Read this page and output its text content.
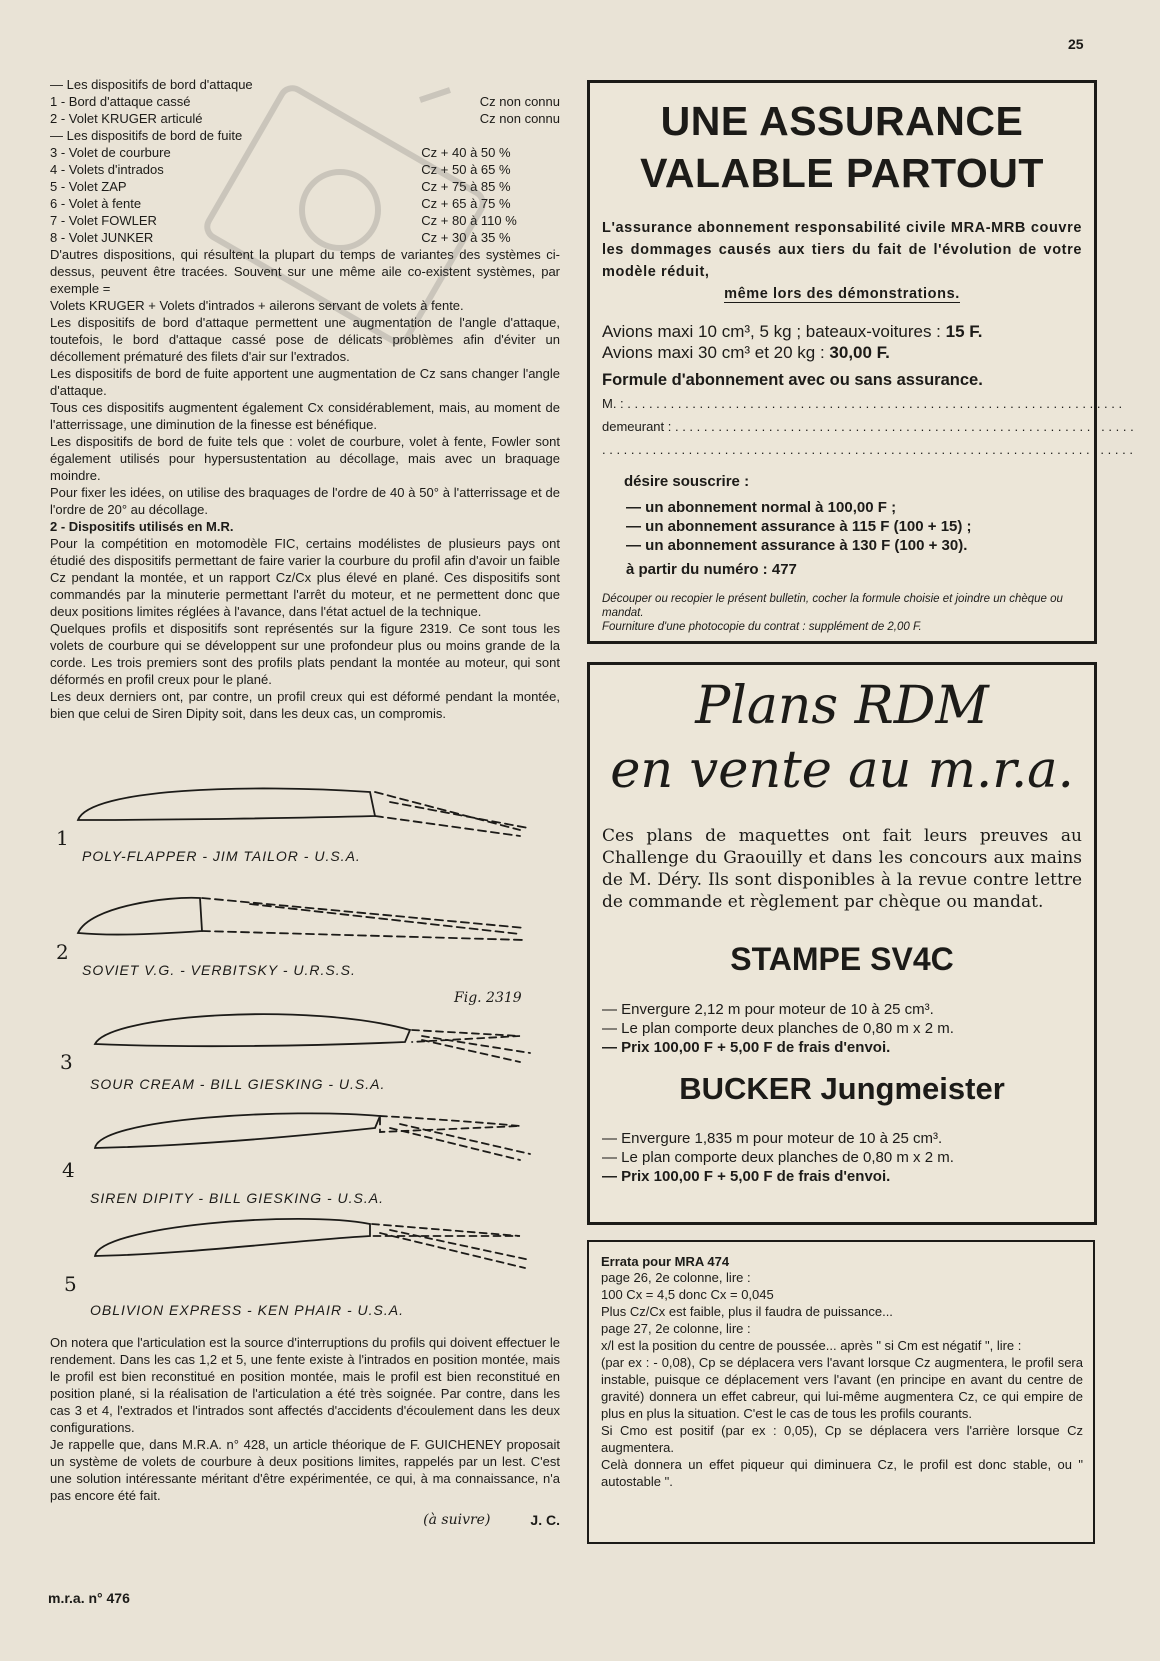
25

— Les dispositifs de bord d'attaque

1 - Bord d'attaque cassé	Cz non connu
2 - Volet KRUGER articulé	Cz non connu

— Les dispositifs de bord de fuite

3 - Volet de courbure	Cz + 40 à 50 %
4 - Volets d'intrados	Cz + 50 à 65 %
5 - Volet ZAP	Cz + 75 à 85 %
6 - Volet à fente	Cz + 65 à 75 %
7 - Volet FOWLER	Cz + 80 à 110 %
8 - Volet JUNKER	Cz + 30 à 35 %

D'autres dispositions, qui résultent la plupart du temps de variantes des systèmes ci-dessus, peuvent être tracées. Souvent sur une même aile co-existent systèmes, par exemple =

Volets KRUGER + Volets d'intrados + ailerons servant de volets à fente.

Les dispositifs de bord d'attaque permettent une augmentation de l'angle d'attaque, toutefois, le bord d'attaque cassé pose de délicats problèmes afin d'éviter un décollement prématuré des filets d'air sur l'extrados.

Les dispositifs de bord de fuite apportent une augmentation de Cz sans changer l'angle d'attaque.

Tous ces dispositifs augmentent également Cx considérablement, mais, au moment de l'atterrissage, une diminution de la finesse est bénéfique.

Les dispositifs de bord de fuite tels que : volet de courbure, volet à fente, Fowler sont également utilisés pour hypersustentation au décollage, mais avec un braquage moindre.

Pour fixer les idées, on utilise des braquages de l'ordre de 40 à 50° à l'atterrissage et de l'ordre de 20° au décollage.

2 - Dispositifs utilisés en M.R.

Pour la compétition en motomodèle FIC, certains modélistes de plusieurs pays ont étudié des dispositifs permettant de faire varier la courbure du profil afin d'avoir un faible Cz pendant la montée, et un rapport Cz/Cx plus élevé en plané. Ces dispositifs sont commandés par la minuterie permettant l'arrêt du moteur, et ne permettent donc que deux positions limites réglées à l'avance, dans l'état actuel de la technique.

Quelques profils et dispositifs sont représentés sur la figure 2319. Ce sont tous les volets de courbure qui se développent sur une profondeur plus ou moins grande de la corde. Les trois premiers sont des profils plats pendant la montée au moteur, qui sont déformés en profil creux pour le plané.

Les deux derniers ont, par contre, un profil creux qui est déformé pendant la montée, bien que celui de Siren Dipity soit, dans les deux cas, un compromis.

1
POLY-FLAPPER - JIM TAILOR - U.S.A.
2
SOVIET V.G. - VERBITSKY - U.R.S.S.
Fig. 2319
3
SOUR CREAM - BILL GIESKING - U.S.A.
4
SIREN DIPITY - BILL GIESKING - U.S.A.
5
OBLIVION EXPRESS - KEN PHAIR - U.S.A.

On notera que l'articulation est la source d'interruptions du profils qui doivent effectuer le rendement. Dans les cas 1,2 et 5, une fente existe à l'intrados en position montée, mais le profil est bien reconstitué en position montée, mais le profil est bien reconstitué en position plané, si la réalisation de l'articulation a été très soignée. Par contre, dans les cas 3 et 4, l'extrados et l'intrados sont affectés d'accidents d'écoulement dans les deux configurations.

Je rappelle que, dans M.R.A. n° 428, un article théorique de F. GUICHENEY proposait un système de volets de courbure à deux positions limites, rappelés par un lest. C'est une solution intéressante méritant d'être expérimentée, ce qui, à ma connaissance, n'a pas encore été fait.

(à suivre)	J. C.
UNE ASSURANCE
VALABLE PARTOUT
L'assurance abonnement responsabilité civile MRA-MRB couvre les dommages causés aux tiers du fait de l'évolution de votre modèle réduit,
même lors des démonstrations.
Avions maxi 10 cm³, 5 kg ; bateaux-voitures : 15 F.
Avions maxi 30 cm³ et 20 kg : 30,00 F.
Formule d'abonnement avec ou sans assurance.
M. : . . . . . . . . . . . . . . . . . . . . . . . . . . . . . . . . . . . . . . . . . . . . . . . . . . . . . . . . . . . . . . . . . . . . .
demeurant : . . . . . . . . . . . . . . . . . . . . . . . . . . . . . . . . . . . . . . . . . . . . . . . . . . . . . . . . . . . . . . . .
. . . . . . . . . . . . . . . . . . . . . . . . . . . . . . . . . . . . . . . . . . . . . . . . . . . . . . . . . . . . . . . . . . . . . . . . . .
désire souscrire :
— un abonnement normal à 100,00 F ;
— un abonnement assurance à 115 F (100 + 15) ;
— un abonnement assurance à 130 F (100 + 30).
à partir du numéro : 477
Découper ou recopier le présent bulletin, cocher la formule choisie et joindre un chèque ou mandat.
Fourniture d'une photocopie du contrat : supplément de 2,00 F.
Plans RDM
en vente au m.r.a.
Ces plans de maquettes ont fait leurs preuves au Challenge du Graouilly et dans les concours aux mains de M. Déry. Ils sont disponibles à la revue contre lettre de commande et règlement par chèque ou mandat.
STAMPE SV4C
— Envergure 2,12 m pour moteur de 10 à 25 cm³.
— Le plan comporte deux planches de 0,80 m x 2 m.
— Prix 100,00 F + 5,00 F de frais d'envoi.
BUCKER Jungmeister
— Envergure 1,835 m pour moteur de 10 à 25 cm³.
— Le plan comporte deux planches de 0,80 m x 2 m.
— Prix 100,00 F + 5,00 F de frais d'envoi.
Errata pour MRA 474
page 26, 2e colonne, lire :
100 Cx = 4,5 donc Cx = 0,045
Plus Cz/Cx est faible, plus il faudra de puissance...
page 27, 2e colonne, lire :
x/l est la position du centre de poussée... après " si Cm est négatif ", lire :
(par ex : - 0,08), Cp se déplacera vers l'avant lorsque Cz augmentera, le profil sera instable, puisque ce déplacement vers l'avant (en principe en avant du centre de gravité) donnera un effet cabreur, qui lui-même augmentera Cz, ce qui empire de plus en plus la situation. C'est le cas de tous les profils courants.
Si Cmo est positif (par ex : 0,05), Cp se déplacera vers l'arrière lorsque Cz augmentera.
Celà donnera un effet piqueur qui diminuera Cz, le profil est donc stable, ou " autostable ".
m.r.a. n° 476
